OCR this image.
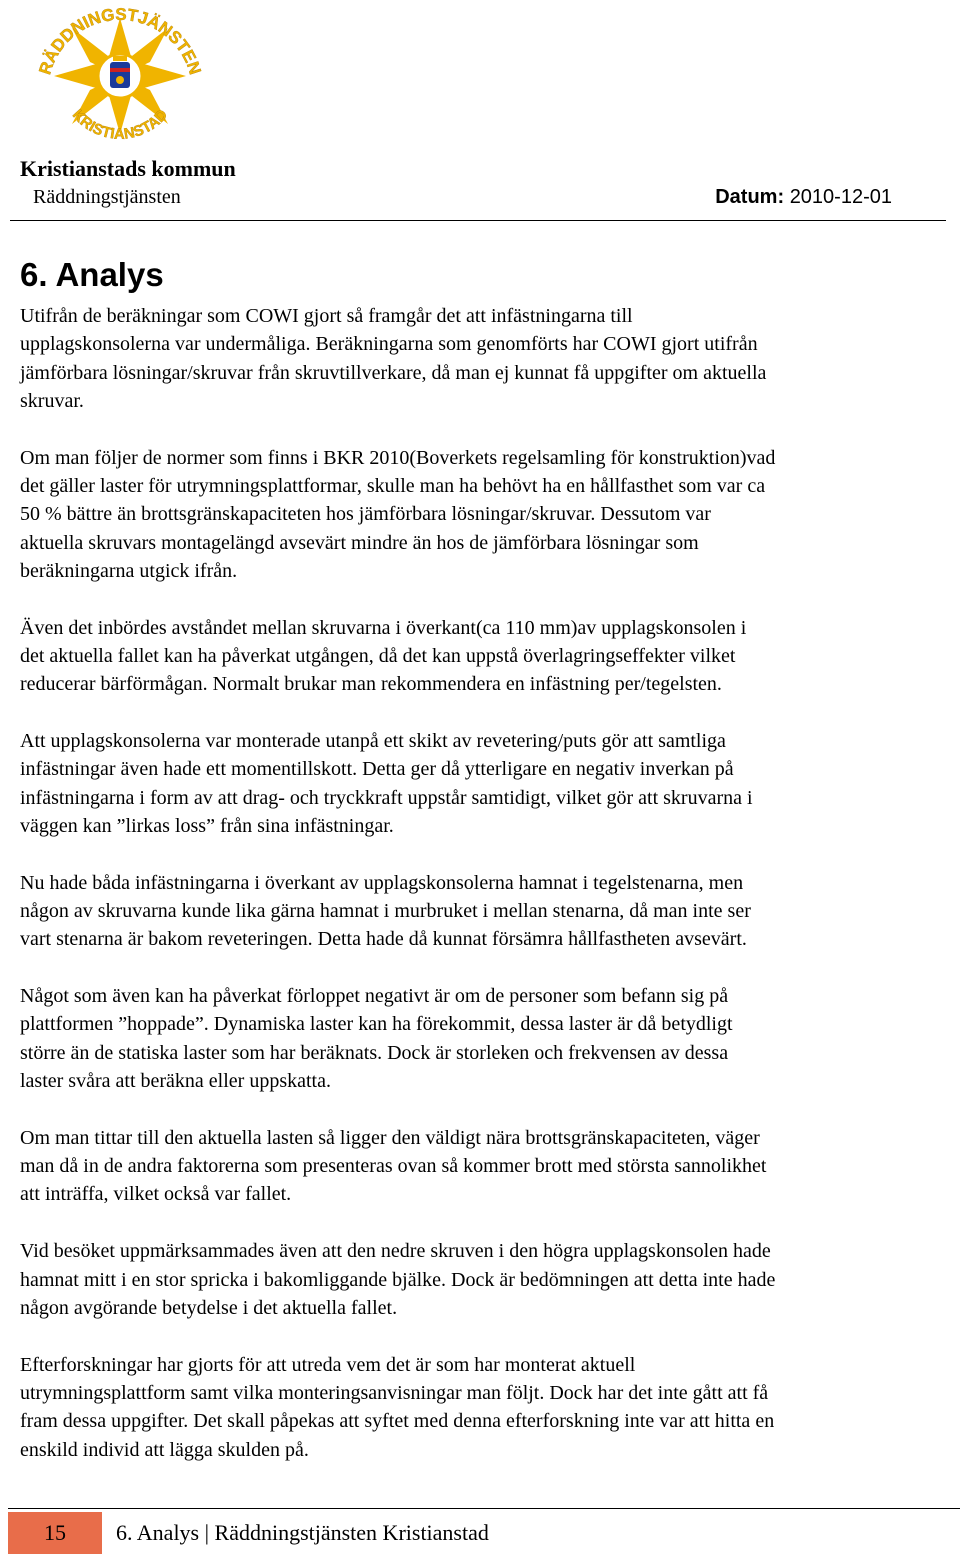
RÄDDNINGSTJÄNSTEN
KRISTIANSTAD
Kristianstads kommun
Räddningstjänsten	Datum: 2010-12-01
6. Analys

Utifrån de beräkningar som COWI gjort så framgår det att infästningarna till
upplagskonsolerna var undermåliga. Beräkningarna som genomförts har COWI gjort utifrån
jämförbara lösningar/skruvar från skruvtillverkare, då man ej kunnat få uppgifter om aktuella
skruvar.

Om man följer de normer som finns i BKR 2010(Boverkets regelsamling för konstruktion)vad
det gäller laster för utrymningsplattformar, skulle man ha behövt ha en hållfasthet som var ca
50 % bättre än brottsgränskapaciteten hos jämförbara lösningar/skruvar. Dessutom var
aktuella skruvars montagelängd avsevärt mindre än hos de jämförbara lösningar som
beräkningarna utgick ifrån.

Även det inbördes avståndet mellan skruvarna i överkant(ca 110 mm)av upplagskonsolen i
det aktuella fallet kan ha påverkat utgången, då det kan uppstå överlagringseffekter vilket
reducerar bärförmågan. Normalt brukar man rekommendera en infästning per/tegelsten.

Att upplagskonsolerna var monterade utanpå ett skikt av revetering/puts gör att samtliga
infästningar även hade ett momentillskott. Detta ger då ytterligare en negativ inverkan på
infästningarna i form av att drag- och tryckkraft uppstår samtidigt, vilket gör att skruvarna i
väggen kan ”lirkas loss” från sina infästningar.

Nu hade båda infästningarna i överkant av upplagskonsolerna hamnat i tegelstenarna, men
någon av skruvarna kunde lika gärna hamnat i murbruket i mellan stenarna, då man inte ser
vart stenarna är bakom reveteringen. Detta hade då kunnat försämra hållfastheten avsevärt.

Något som även kan ha påverkat förloppet negativt är om de personer som befann sig på
plattformen ”hoppade”. Dynamiska laster kan ha förekommit, dessa laster är då betydligt
större än de statiska laster som har beräknats. Dock är storleken och frekvensen av dessa
laster svåra att beräkna eller uppskatta.

Om man tittar till den aktuella lasten så ligger den väldigt nära brottsgränskapaciteten, väger
man då in de andra faktorerna som presenteras ovan så kommer brott med största sannolikhet
att inträffa, vilket också var fallet.

Vid besöket uppmärksammades även att den nedre skruven i den högra upplagskonsolen hade
hamnat mitt i en stor spricka i bakomliggande bjälke. Dock är bedömningen att detta inte hade
någon avgörande betydelse i det aktuella fallet.

Efterforskningar har gjorts för att utreda vem det är som har monterat aktuell
utrymningsplattform samt vilka monteringsanvisningar man följt. Dock har det inte gått att få
fram dessa uppgifter. Det skall påpekas att syftet med denna efterforskning inte var att hitta en
enskild individ att lägga skulden på.

15	6. Analys | Räddningstjänsten Kristianstad
